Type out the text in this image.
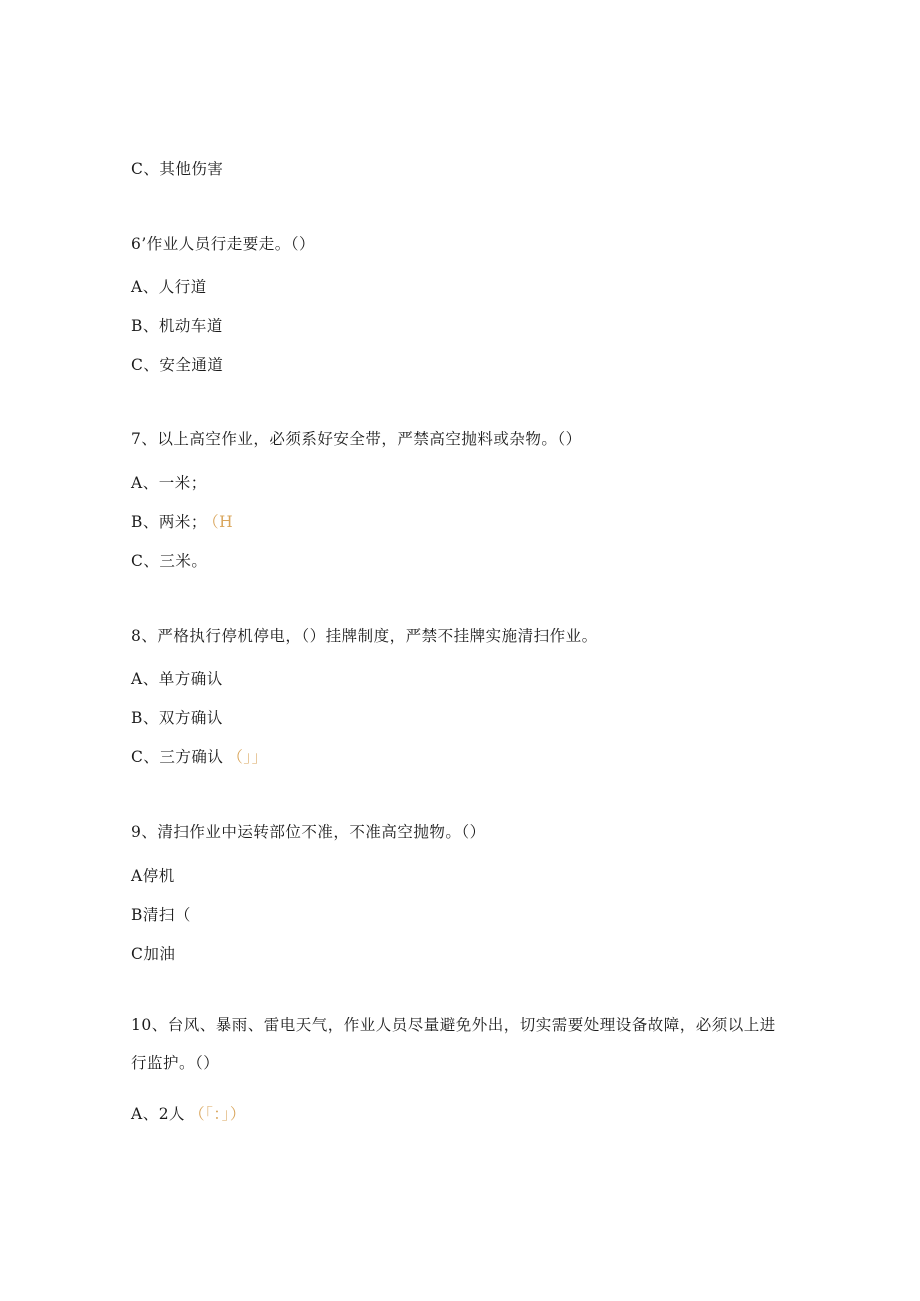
C、其他伤害
6’作业人员行走要走。（）
A、人行道
B、机动车道
C、安全通道
7、以上高空作业，必须系好安全带，严禁高空抛料或杂物。（）
A、一米；
B、两米； （H
C、三米。
8、严格执行停机停电，（）挂牌制度，严禁不挂牌实施清扫作业。
A、单方确认
B、双方确认
C、三方确认 （」」
9、清扫作业中运转部位不准，不准高空抛物。（）
A停机
B清扫（
C加油
10、台风、暴雨、雷电天气，作业人员尽量避免外出，切实需要处理设备故障，必须以上进行监护。（）
A、2人 （「：」）
